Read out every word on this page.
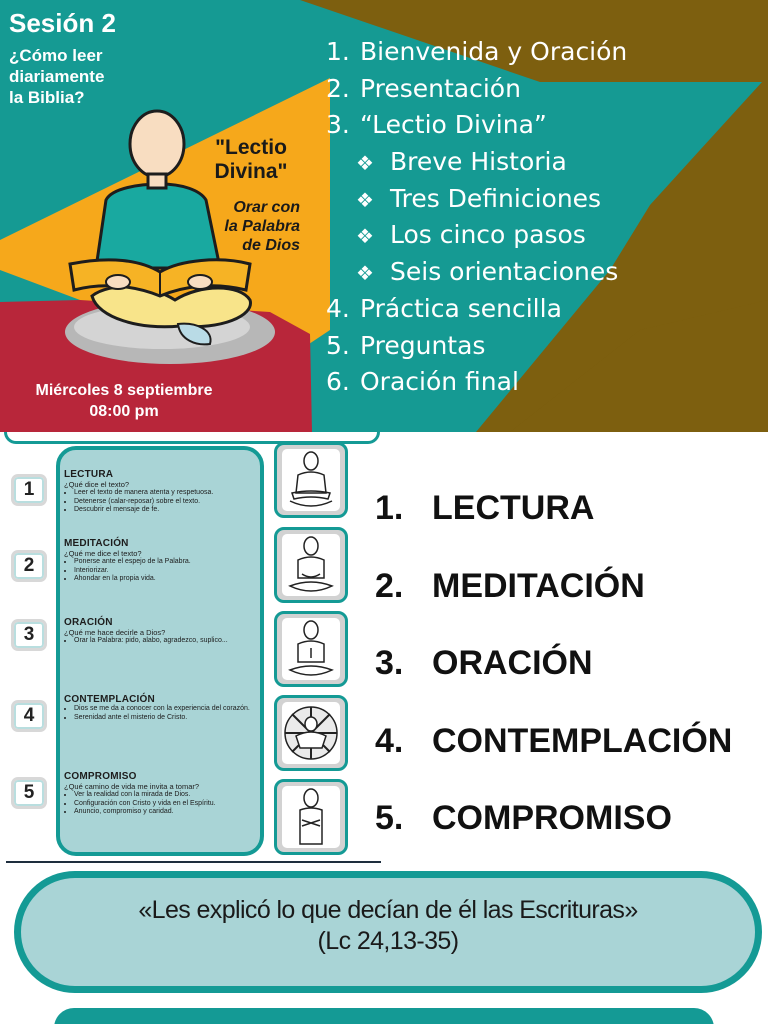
Sesión 2
¿Cómo leer
diariamente
la Biblia?
"Lectio
Divina"
Orar con
la Palabra
de Dios
Miércoles 8 septiembre
08:00 pm
1. Bienvenida y Oración
2. Presentación
3. “Lectio Divina”
❖ Breve Historia
❖ Tres Definiciones
❖ Los cinco pasos
❖ Seis orientaciones
4. Práctica sencilla
5. Preguntas
6. Oración final
1
LECTURA
¿Qué dice el texto?
• Leer el texto de manera atenta y respetuosa.
• Detenerse (calar-reposar) sobre el texto.
• Descubrir el mensaje de fe.
2
MEDITACIÓN
¿Qué me dice el texto?
• Ponerse ante el espejo de la Palabra.
• Interiorizar.
• Ahondar en la propia vida.
3
ORACIÓN
¿Qué me hace decirle a Dios?
• Orar la Palabra: pido, alabo, agradezco, suplico...
4
CONTEMPLACIÓN
• Dios se me da a conocer con la experiencia del corazón.
• Serenidad ante el misterio de Cristo.
5
COMPROMISO
¿Qué camino de vida me invita a tomar?
• Ver la realidad con la mirada de Dios.
• Configuración con Cristo y vida en el Espíritu.
• Anuncio, compromiso y caridad.
1. LECTURA
2. MEDITACIÓN
3. ORACIÓN
4. CONTEMPLACIÓN
5. COMPROMISO
«Les explicó lo que decían de él las Escrituras»
(Lc 24,13-35)
